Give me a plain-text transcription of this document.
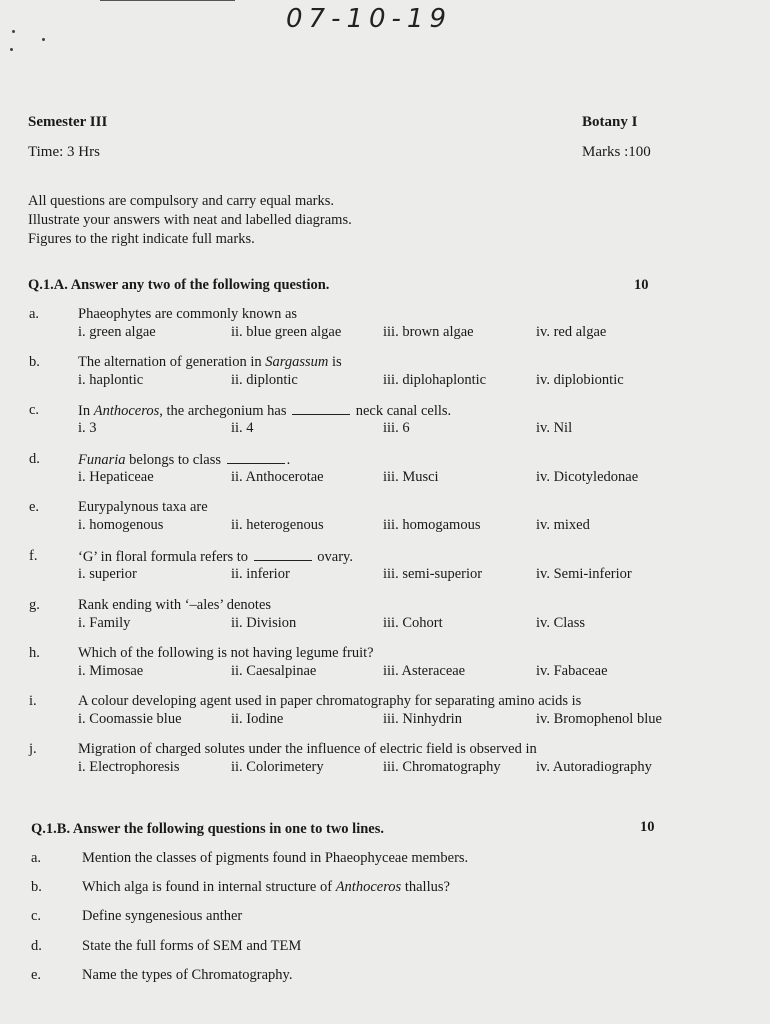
07-10-19
Semester III	Botany I
Time: 3 Hrs	Marks :100
All questions are compulsory and carry equal marks.
Illustrate your answers with neat and labelled diagrams.
Figures to the right indicate full marks.
Q.1.A. Answer any two of the following question.	10
a.	Phaeophytes are commonly known as
i. green algae	ii. blue green algae	iii. brown algae	iv. red algae
b.	The alternation of generation in Sargassum is
i. haplontic	ii. diplontic	iii. diplohaplontic	iv. diplobiontic
c.	In Anthoceros, the archegonium has	neck canal cells.
i. 3	ii. 4	iii. 6	iv. Nil
d.	Funaria belongs to class	.
i. Hepaticeae	ii. Anthocerotae	iii. Musci	iv. Dicotyledonae
e.	Eurypalynous taxa are
i. homogenous	ii. heterogenous	iii. homogamous	iv. mixed
f.	‘G’ in floral formula refers to	ovary.
i. superior	ii. inferior	iii. semi-superior	iv. Semi-inferior
g.	Rank ending with ‘–ales’ denotes
i. Family	ii. Division	iii. Cohort	iv. Class
h.	Which of the following is not having legume fruit?
i. Mimosae	ii. Caesalpinae	iii. Asteraceae	iv. Fabaceae
i.	A colour developing agent used in paper chromatography for separating amino acids is
i. Coomassie blue	ii. Iodine	iii. Ninhydrin	iv. Bromophenol blue
j.	Migration of charged solutes under the influence of electric field is observed in
i. Electrophoresis	ii. Colorimetery	iii. Chromatography iv. Autoradiography
Q.1.B. Answer the following questions in one to two lines.	10
a.	Mention the classes of pigments found in Phaeophyceae members.
b.	Which alga is found in internal structure of Anthoceros thallus?
c.	Define syngenesious anther
d.	State the full forms of SEM and TEM
e.	Name the types of Chromatography.
